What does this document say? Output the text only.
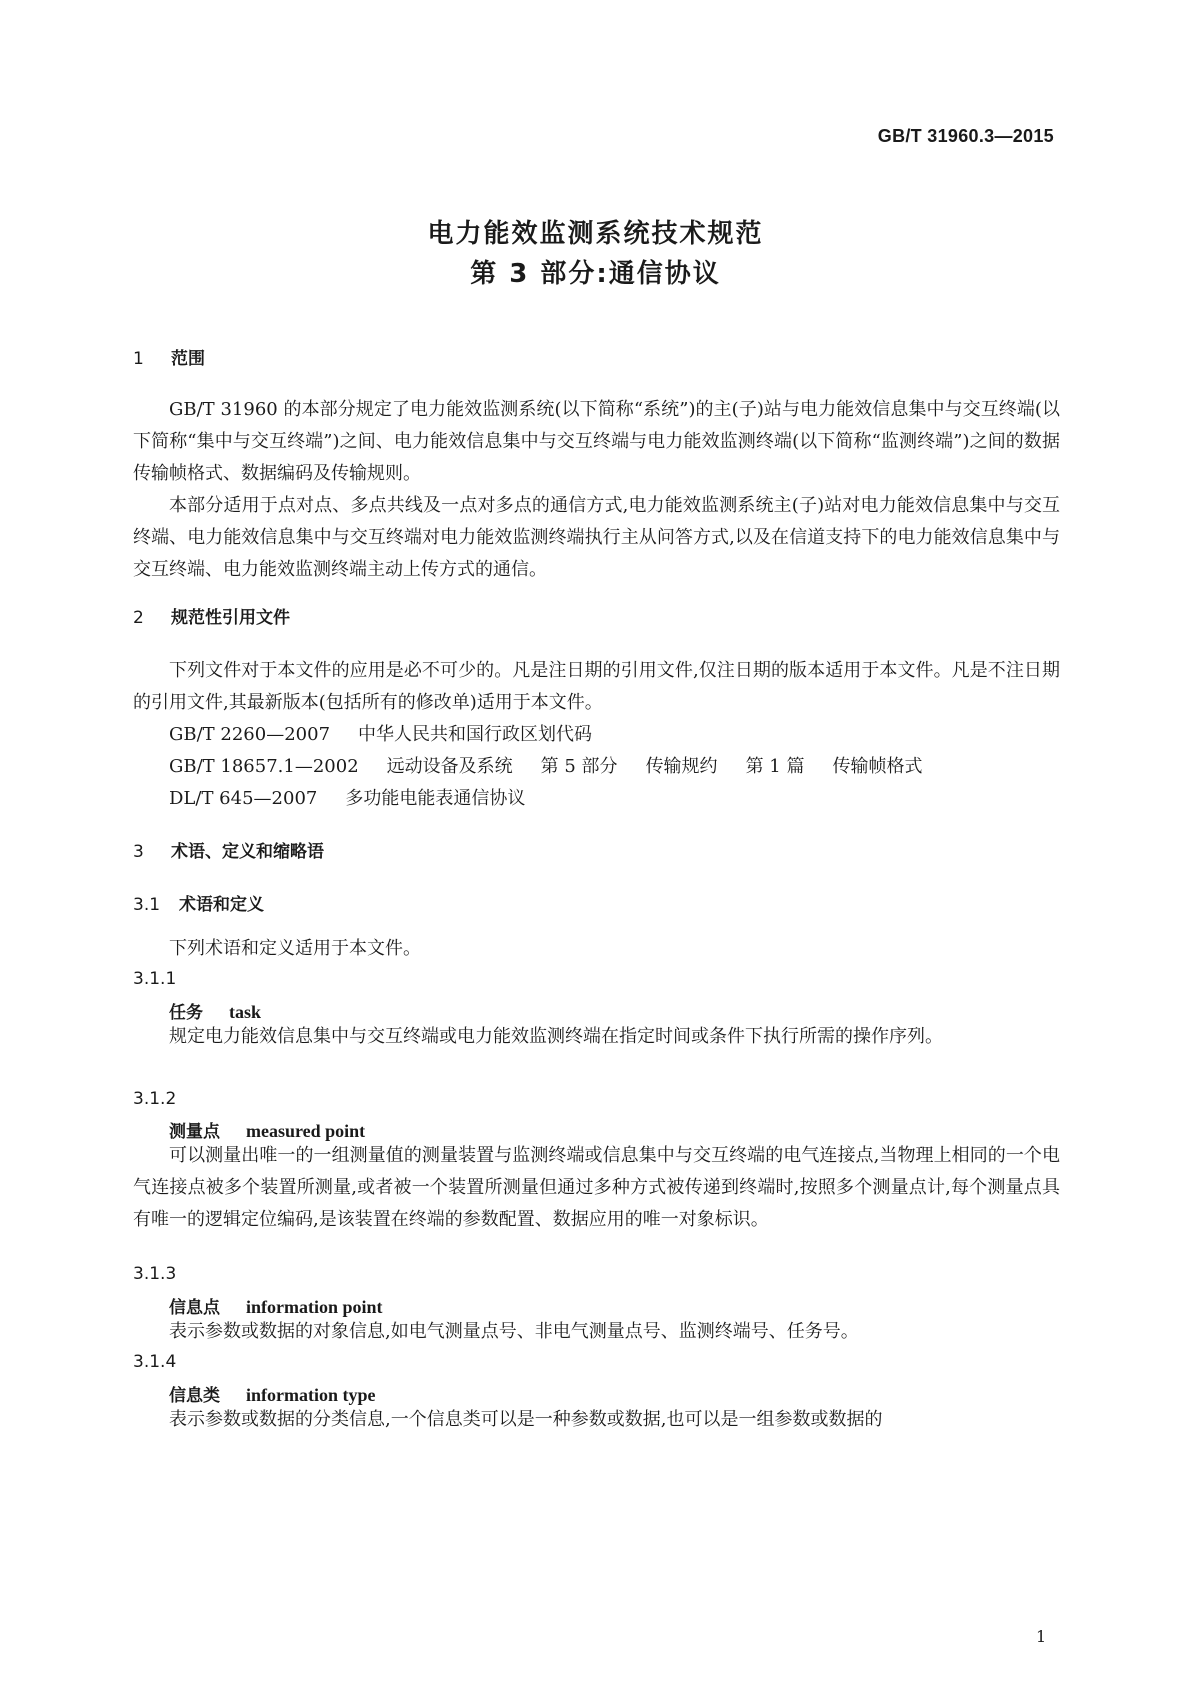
GB/T 31960.3—2015
电力能效监测系统技术规范
第 3 部分:通信协议
1 范围

GB/T 31960 的本部分规定了电力能效监测系统(以下简称“系统”)的主(子)站与电力能效信息集中与交互终端(以下简称“集中与交互终端”)之间、电力能效信息集中与交互终端与电力能效监测终端(以下简称“监测终端”)之间的数据传输帧格式、数据编码及传输规则。

本部分适用于点对点、多点共线及一点对多点的通信方式,电力能效监测系统主(子)站对电力能效信息集中与交互终端、电力能效信息集中与交互终端对电力能效监测终端执行主从问答方式,以及在信道支持下的电力能效信息集中与交互终端、电力能效监测终端主动上传方式的通信。

2 规范性引用文件

下列文件对于本文件的应用是必不可少的。凡是注日期的引用文件,仅注日期的版本适用于本文件。凡是不注日期的引用文件,其最新版本(包括所有的修改单)适用于本文件。

GB/T 2260—2007 中华人民共和国行政区划代码
GB/T 18657.1—2002 远动设备及系统 第 5 部分 传输规约 第 1 篇 传输帧格式
DL/T 645—2007 多功能电能表通信协议
3 术语、定义和缩略语
3.1 术语和定义
下列术语和定义适用于本文件。
3.1.1
任务 task

规定电力能效信息集中与交互终端或电力能效监测终端在指定时间或条件下执行所需的操作序列。

3.1.2
测量点 measured point

可以测量出唯一的一组测量值的测量装置与监测终端或信息集中与交互终端的电气连接点,当物理上相同的一个电气连接点被多个装置所测量,或者被一个装置所测量但通过多种方式被传递到终端时,按照多个测量点计,每个测量点具有唯一的逻辑定位编码,是该装置在终端的参数配置、数据应用的唯一对象标识。

3.1.3
信息点 information point

表示参数或数据的对象信息,如电气测量点号、非电气测量点号、监测终端号、任务号。

3.1.4
信息类 information type

表示参数或数据的分类信息,一个信息类可以是一种参数或数据,也可以是一组参数或数据的

1
